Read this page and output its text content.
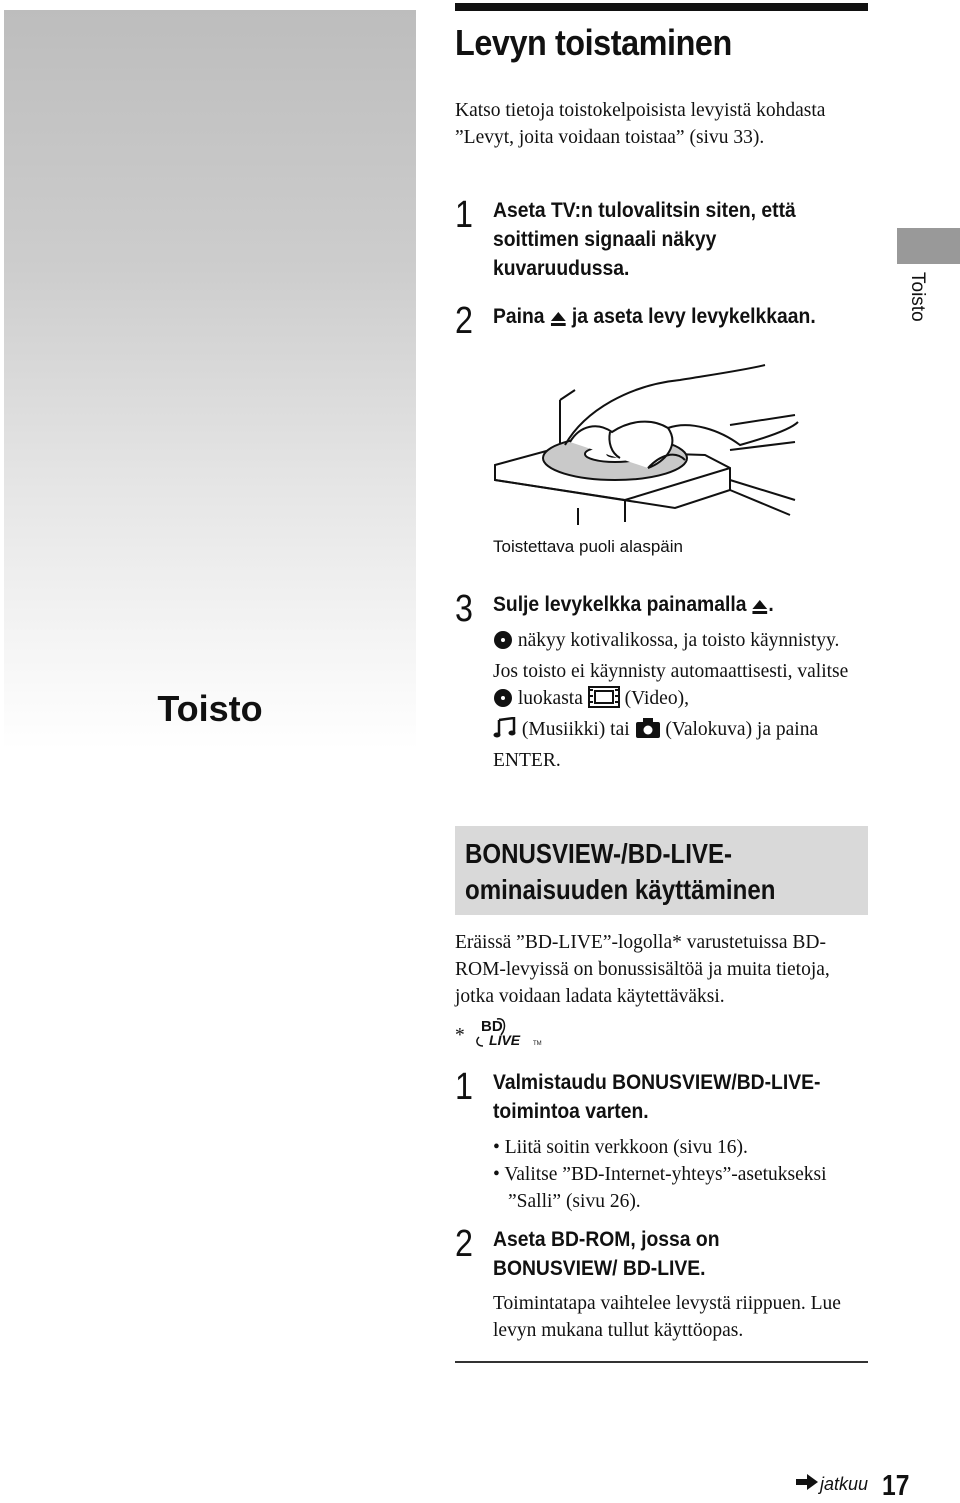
Toisto
Toisto
Levyn toistaminen
Katso tietoja toistokelpoisista levyistä kohdasta ”Levyt, joita voidaan toistaa” (sivu 33).
1 Aseta TV:n tulovalitsin siten, että soittimen signaali näkyy kuvaruudussa.
2 Paina ja aseta levy levykelkkaan.
Toistettava puoli alaspäin
3 Sulje levykelkka painamalla .
näkyy kotivalikossa, ja toisto käynnistyy.
Jos toisto ei käynnisty automaattisesti, valitse  luokasta (Video),
(Musiikki) tai (Valokuva) ja paina ENTER.
BONUSVIEW-/BD-LIVE-
ominaisuuden käyttäminen
Eräissä ”BD-LIVE”-logolla* varustetuissa BD-ROM-levyissä on bonussisältöä ja muita tietoja, jotka voidaan ladata käytettäväksi.
* BD
LIVE TM
1 Valmistaudu BONUSVIEW/BD-LIVE-toimintoa varten.
• Liitä soitin verkkoon (sivu 16).
• Valitse ”BD-Internet-yhteys”-asetukseksi ”Salli” (sivu 26).
2 Aseta BD-ROM, jossa on BONUSVIEW/ BD-LIVE.
Toimintatapa vaihtelee levystä riippuen. Lue levyn mukana tullut käyttöopas.
jatkuu 17
